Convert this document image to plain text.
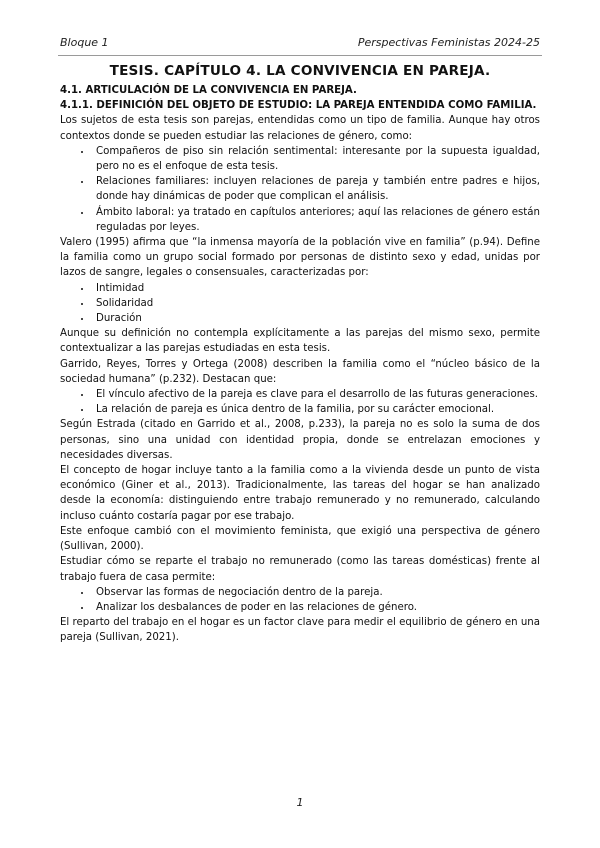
Bloque 1	Perspectivas Feministas 2024-25
TESIS. CAPÍTULO 4. LA CONVIVENCIA EN PAREJA.
4.1. ARTICULACIÓN DE LA CONVIVENCIA EN PAREJA.
4.1.1. DEFINICIÓN DEL OBJETO DE ESTUDIO: LA PAREJA ENTENDIDA COMO FAMILIA.

Los sujetos de esta tesis son parejas, entendidas como un tipo de familia. Aunque hay otros contextos donde se pueden estudiar las relaciones de género, como:

• Compañeros de piso sin relación sentimental: interesante por la supuesta igualdad, pero no es el enfoque de esta tesis.
• Relaciones familiares: incluyen relaciones de pareja y también entre padres e hijos, donde hay dinámicas de poder que complican el análisis.
• Ámbito laboral: ya tratado en capítulos anteriores; aquí las relaciones de género están reguladas por leyes.

Valero (1995) afirma que “la inmensa mayoría de la población vive en familia” (p.94). Define la familia como un grupo social formado por personas de distinto sexo y edad, unidas por lazos de sangre, legales o consensuales, caracterizadas por:

• Intimidad
• Solidaridad
• Duración

Aunque su definición no contempla explícitamente a las parejas del mismo sexo, permite contextualizar a las parejas estudiadas en esta tesis.

Garrido, Reyes, Torres y Ortega (2008) describen la familia como el “núcleo básico de la sociedad humana” (p.232). Destacan que:

• El vínculo afectivo de la pareja es clave para el desarrollo de las futuras generaciones.
• La relación de pareja es única dentro de la familia, por su carácter emocional.

Según Estrada (citado en Garrido et al., 2008, p.233), la pareja no es solo la suma de dos personas, sino una unidad con identidad propia, donde se entrelazan emociones y necesidades diversas.

El concepto de hogar incluye tanto a la familia como a la vivienda desde un punto de vista económico (Giner et al., 2013). Tradicionalmente, las tareas del hogar se han analizado desde la economía: distinguiendo entre trabajo remunerado y no remunerado, calculando incluso cuánto costaría pagar por ese trabajo.

Este enfoque cambió con el movimiento feminista, que exigió una perspectiva de género (Sullivan, 2000).

Estudiar cómo se reparte el trabajo no remunerado (como las tareas domésticas) frente al trabajo fuera de casa permite:

• Observar las formas de negociación dentro de la pareja.
• Analizar los desbalances de poder en las relaciones de género.

El reparto del trabajo en el hogar es un factor clave para medir el equilibrio de género en una pareja (Sullivan, 2021).

1
